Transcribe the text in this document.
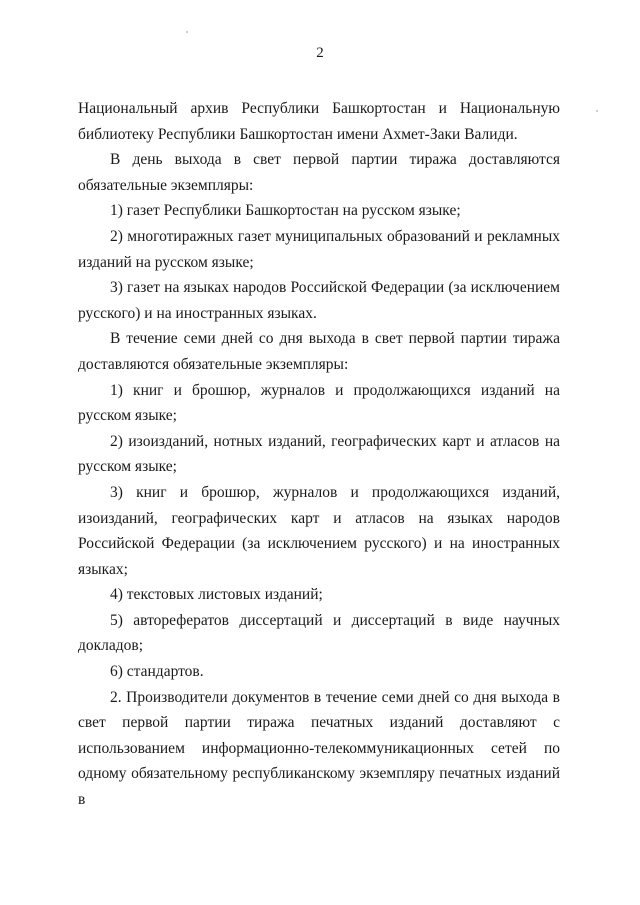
2

Национальный архив Республики Башкортостан и Национальную библиотеку Республики Башкортостан имени Ахмет-Заки Валиди.

В день выхода в свет первой партии тиража доставляются обязательные экземпляры:

1) газет Республики Башкортостан на русском языке;

2) многотиражных газет муниципальных образований и рекламных изданий на русском языке;

3) газет на языках народов Российской Федерации (за исключением русского) и на иностранных языках.

В течение семи дней со дня выхода в свет первой партии тиража доставляются обязательные экземпляры:

1) книг и брошюр, журналов и продолжающихся изданий на русском языке;

2) изоизданий, нотных изданий, географических карт и атласов на русском языке;

3) книг и брошюр, журналов и продолжающихся изданий, изоизданий, географических карт и атласов на языках народов Российской Федерации (за исключением русского) и на иностранных языках;

4) текстовых листовых изданий;

5) авторефератов диссертаций и диссертаций в виде научных докладов;

6) стандартов.

2. Производители документов в течение семи дней со дня выхода в свет первой партии тиража печатных изданий доставляют с использованием информационно-телекоммуникационных сетей по одному обязательному республиканскому экземпляру печатных изданий в
